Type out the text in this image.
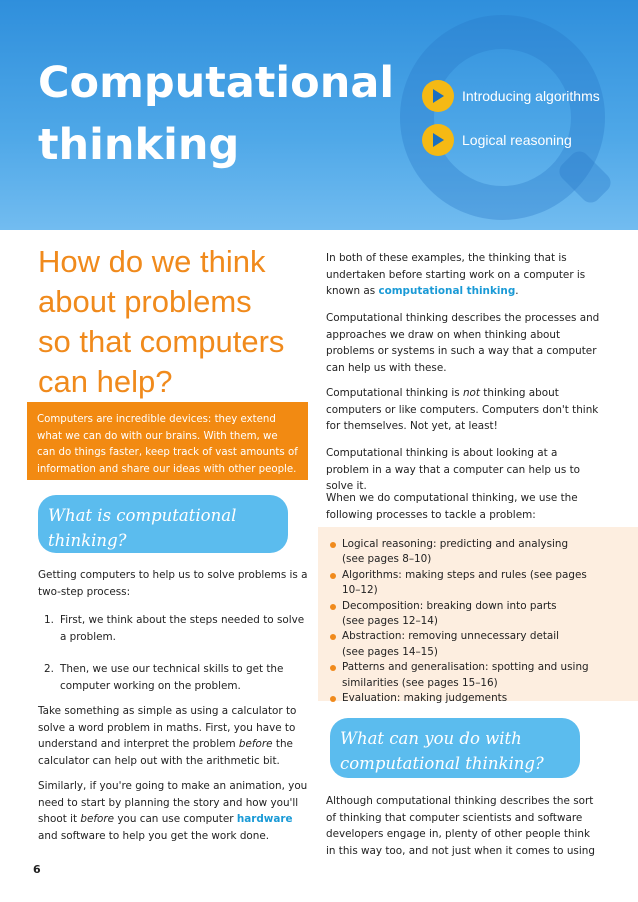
Computational
thinking
Introducing algorithms
Logical reasoning
How do we think
about problems
so that computers
can help?

Computers are incredible devices: they extend what we can do with our brains. With them, we can do things faster, keep track of vast amounts of information and share our ideas with other people.

What is computational
thinking?

Getting computers to help us to solve problems is a two-step process:

1. First, we think about the steps needed to solve a problem.
2. Then, we use our technical skills to get the computer working on the problem.

Take something as simple as using a calculator to solve a word problem in maths. First, you have to understand and interpret the problem before the calculator can help out with the arithmetic bit.

Similarly, if you're going to make an animation, you need to start by planning the story and how you'll shoot it before you can use computer hardware and software to help you get the work done.

In both of these examples, the thinking that is undertaken before starting work on a computer is known as computational thinking.

Computational thinking describes the processes and approaches we draw on when thinking about problems or systems in such a way that a computer can help us with these.

Computational thinking is not thinking about computers or like computers. Computers don't think for themselves. Not yet, at least!

Computational thinking is about looking at a problem in a way that a computer can help us to solve it.

When we do computational thinking, we use the following processes to tackle a problem:

Logical reasoning: predicting and analysing
(see pages 8–10)
Algorithms: making steps and rules (see pages
10–12)
Decomposition: breaking down into parts
(see pages 12–14)
Abstraction: removing unnecessary detail
(see pages 14–15)
Patterns and generalisation: spotting and using
similarities (see pages 15–16)
Evaluation: making judgements
What can you do with
computational thinking?

Although computational thinking describes the sort of thinking that computer scientists and software developers engage in, plenty of other people think in this way too, and not just when it comes to using

6
